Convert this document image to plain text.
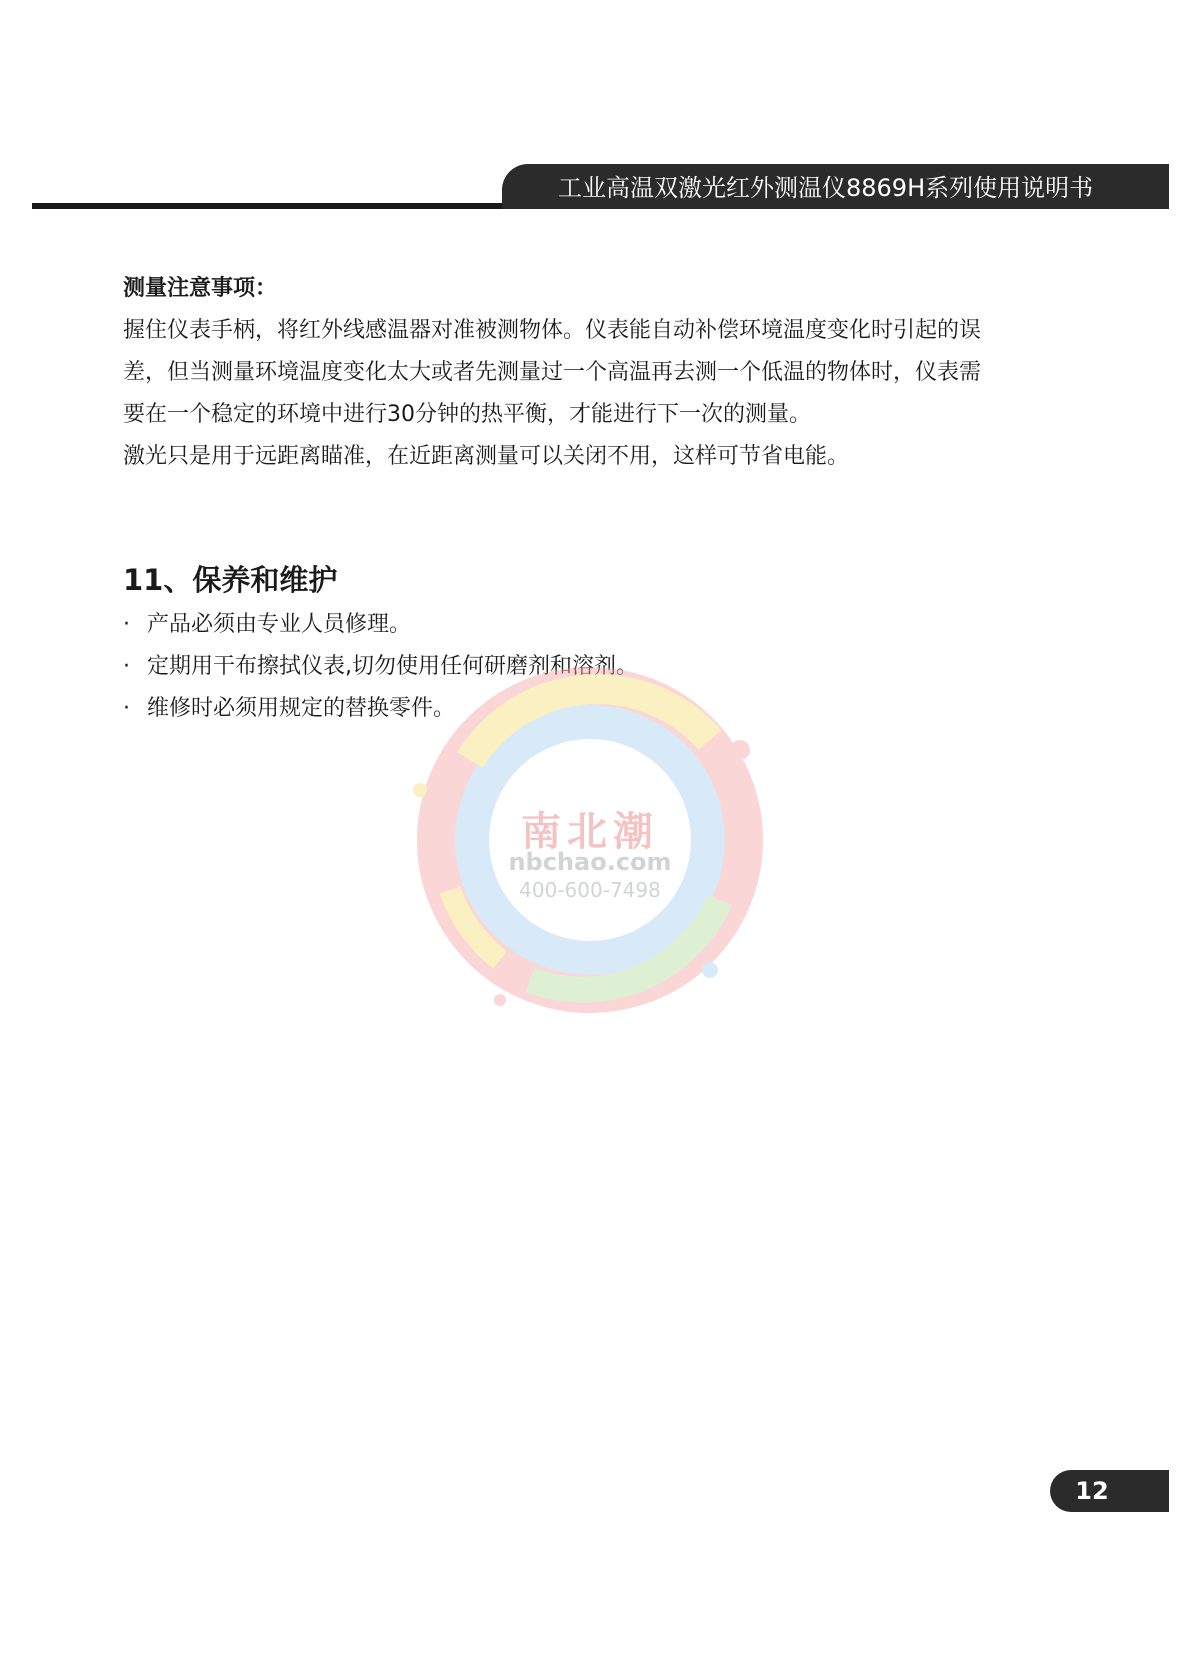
工业高温双激光红外测温仪8869H系列使用说明书
测量注意事项：
握住仪表手柄，将红外线感温器对准被测物体。仪表能自动补偿环境温度变化时引起的误
差，但当测量环境温度变化太大或者先测量过一个高温再去测一个低温的物体时，仪表需
要在一个稳定的环境中进行30分钟的热平衡，才能进行下一次的测量。
激光只是用于远距离瞄准，在近距离测量可以关闭不用，这样可节省电能。
11、保养和维护
· 产品必须由专业人员修理。
· 定期用干布擦拭仪表,切勿使用任何研磨剂和溶剂。
· 维修时必须用规定的替换零件。
南北潮
nbchao.com
400-600-7498
12
